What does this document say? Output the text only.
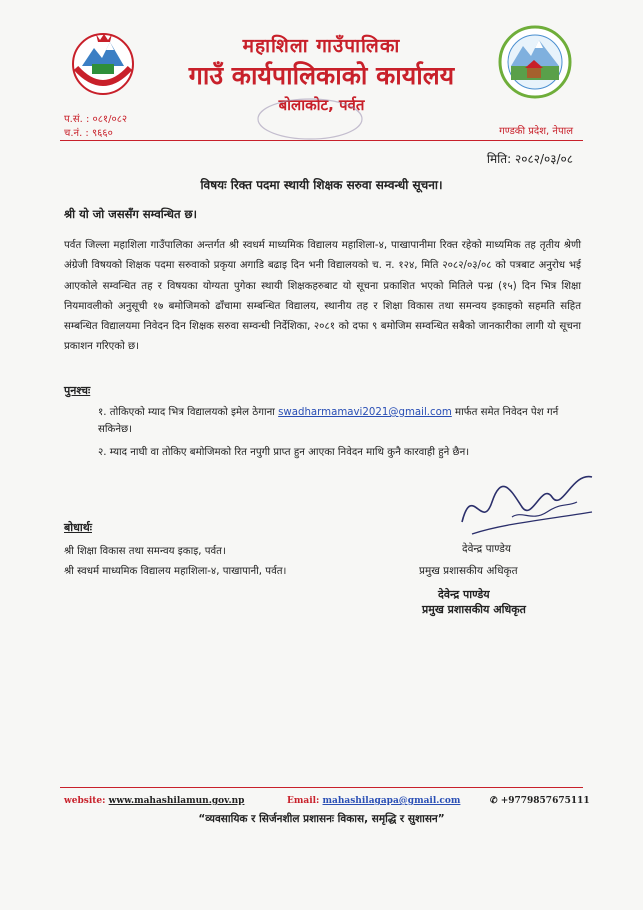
महाशिला गाउँपालिका
गाउँ कार्यपालिकाको कार्यालय
बोलाकोट, पर्वत
प.सं. : ०८१/०८२
च.नं. : ९६६०	गण्डकी प्रदेश, नेपाल
मिति: २०८२/०३/०८
विषयः रिक्त पदमा स्थायी शिक्षक सरुवा सम्वन्धी सूचना।
श्री यो जो जससँग सम्वन्धित छ।

पर्वत जिल्ला महाशिला गाउँपालिका अन्तर्गत श्री स्वधर्म माध्यमिक विद्यालय महाशिला-४, पाखापानीमा रिक्त रहेको माध्यमिक तह तृतीय श्रेणी अंग्रेजी विषयको शिक्षक पदमा सरुवाको प्रकृया अगाडि बढाइ दिन भनी विद्यालयको च. न. १२४, मिति २०८२/०३/०८ को पत्रबाट अनुरोध भई आएकोले सम्वन्धित तह र विषयका योग्यता पुगेका स्थायी शिक्षकहरुबाट यो सूचना प्रकाशित भएको मितिले पन्ध्र (१५) दिन भित्र शिक्षा नियमावलीको अनुसूची १७ बमोजिमको ढाँचामा सम्बन्धित विद्यालय, स्थानीय तह र शिक्षा विकास तथा समन्वय इकाइको सहमति सहित सम्बन्धित विद्यालयमा निवेदन दिन शिक्षक सरुवा सम्वन्धी निर्देशिका, २०८१ को दफा ९ बमोजिम सम्वन्धित सबैको जानकारीका लागी यो सूचना प्रकाशन गरिएको छ।

पुनश्चः
१. तोकिएको म्याद भित्र विद्यालयको इमेल ठेगाना swadharmamavi2021@gmail.com मार्फत समेत निवेदन पेश गर्न सकिनेछ।
२. म्याद नाघी वा तोकिए बमोजिमको रित नपुगी प्राप्त हुन आएका निवेदन माथि कुनै कारवाही हुने छैन।
बोधार्थः
श्री शिक्षा विकास तथा समन्वय इकाइ, पर्वत।
श्री स्वधर्म माध्यमिक विद्यालय महाशिला-४, पाखापानी, पर्वत।
देवेन्द्र पाण्डेय
प्रमुख प्रशासकीय अधिकृत
देवेन्द्र पाण्डेय
प्रमुख प्रशासकीय अधिकृत
website: www.mahashilamun.gov.np	Email: mahashilagapa@gmail.com	✆ +9779857675111
“व्यवसायिक र सिर्जनशील प्रशासनः विकास, समृद्धि र सुशासन”
